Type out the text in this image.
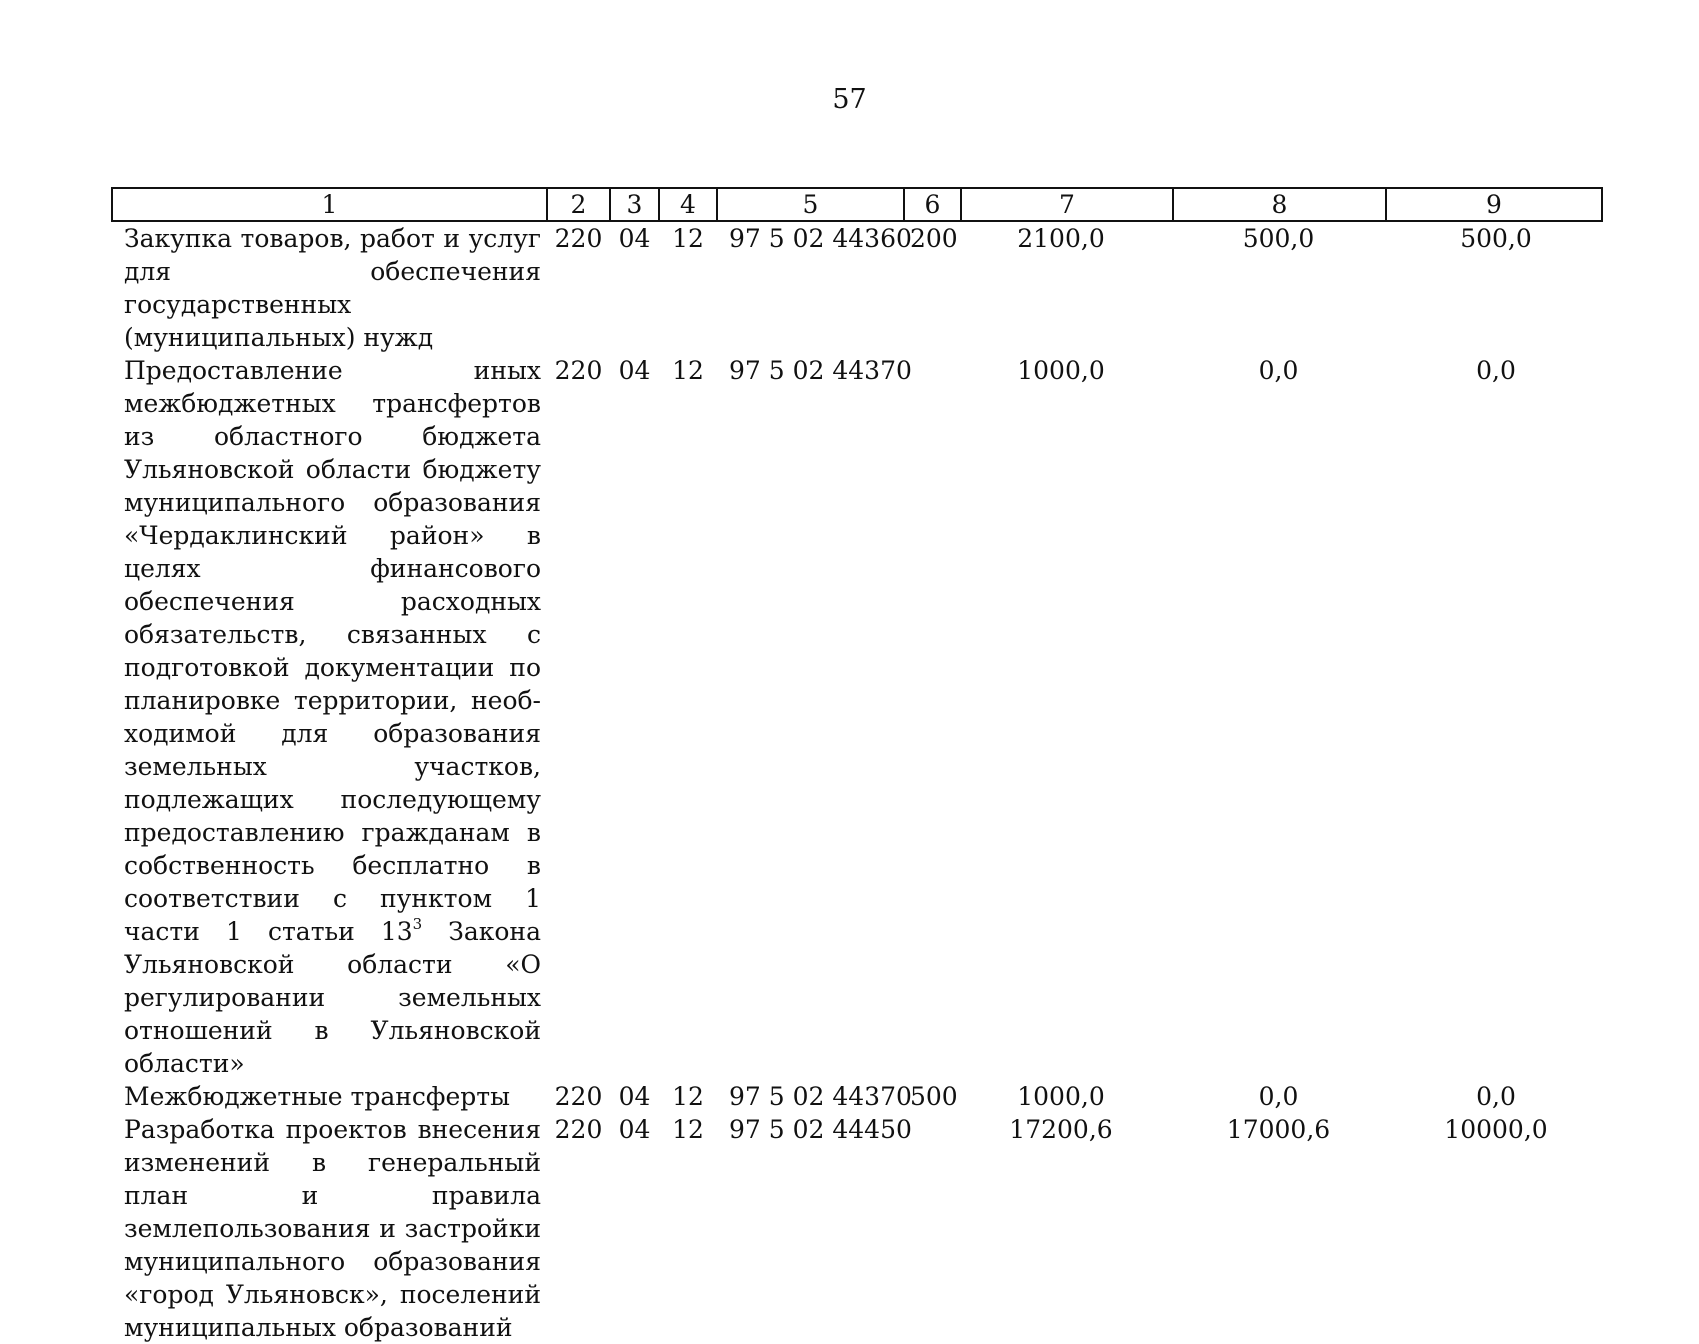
57
1	2	3	4	5	6	7	8	9
Закупка товаров, работ и услуг для обеспечения государственных (муниципальных) нужд	220	04	12	97 5 02 44360	200	2100,0	500,0	500,0
Предоставление иных межбюджетных трансфертов из областного бюджета Ульяновской области бюджету муниципального образования «Чердаклинский район» в целях финансового обеспечения расходных обязательств, связанных с подготовкой документации по планировке территории, необходимой для образования земельных участков, подлежащих последующему предоставлению гражданам в собственность бесплатно в соответствии с пунктом 1 части 1 статьи $13^3$ Закона Ульяновской области «О регулировании земельных отношений в Ульяновской области»	220	04	12	97 5 02 44370		1000,0	0,0	0,0
Межбюджетные трансферты	220	04	12	97 5 02 44370	500	1000,0	0,0	0,0
Разработка проектов внесения изменений в генеральный план и правила землепользования и застройки муниципального образования «город Ульяновск», поселений муниципальных образований	220	04	12	97 5 02 44450		17200,6	17000,6	10000,0
